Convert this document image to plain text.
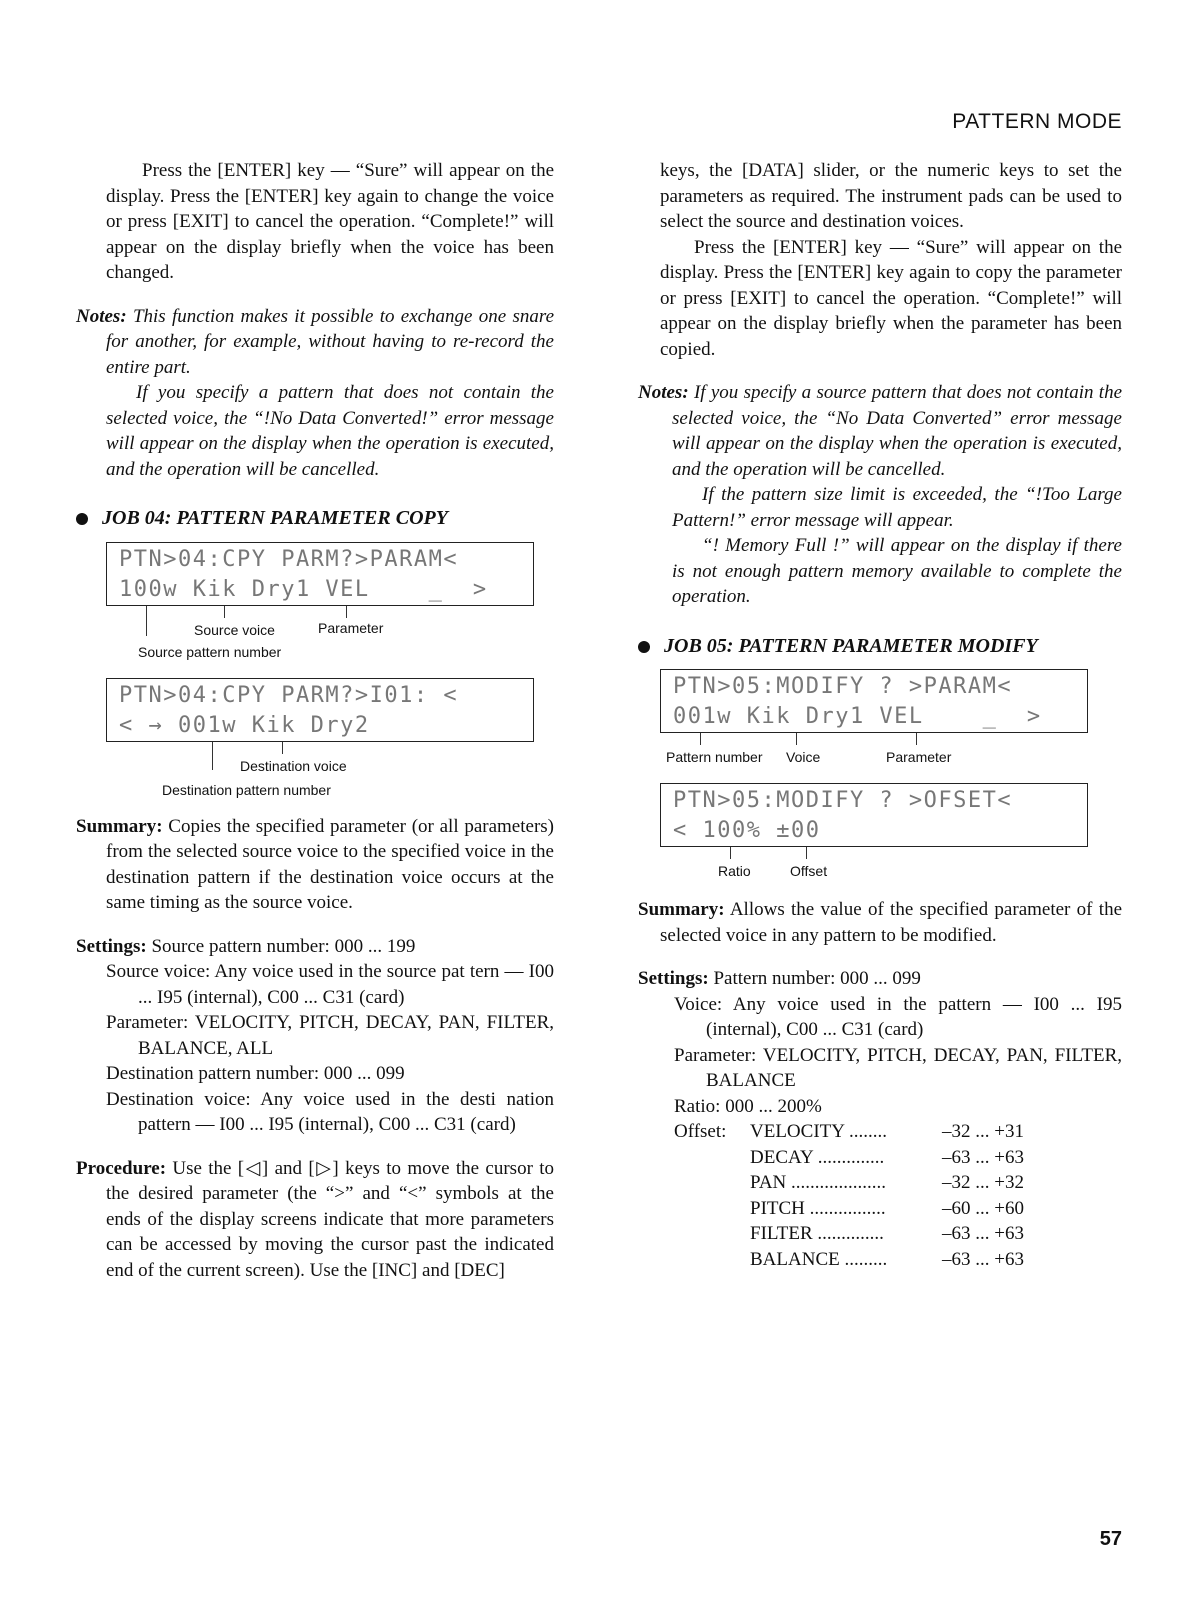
PATTERN MODE

Press the [ENTER] key — “Sure” will appear on the display. Press the [ENTER] key again to change the voice or press [EXIT] to cancel the operation. “Complete!” will appear on the display briefly when the voice has been changed.

Notes: This function makes it possible to exchange one snare for another, for example, without having to re-record the entire part.

If you specify a pattern that does not contain the selected voice, the “!No Data Converted!” error message will appear on the display when the operation is executed, and the operation will be cancelled.

JOB 04: PATTERN PARAMETER COPY
PTN>04:CPY PARM?>PARAM<
100w Kik Dry1 VEL    _  >
Source voice	Parameter
Source pattern number
PTN>04:CPY PARM?>I01: <
< → 001w Kik Dry2
Destination voice
Destination pattern number

Summary: Copies the specified parameter (or all parameters) from the selected source voice to the specified voice in the destination pattern if the destination voice occurs at the same timing as the source voice.

Settings: Source pattern number: 000 ... 199

Source voice: Any voice used in the source pat tern — I00 ... I95 (internal), C00 ... C31 (card)

Parameter: VELOCITY, PITCH, DECAY, PAN, FILTER, BALANCE, ALL

Destination pattern number: 000 ... 099

Destination voice: Any voice used in the desti nation pattern — I00 ... I95 (internal), C00 ... C31 (card)

Procedure: Use the [◁] and [▷] keys to move the cursor to the desired parameter (the “>” and “<” symbols at the ends of the display screens indicate that more parameters can be accessed by moving the cursor past the indicated end of the current screen). Use the [INC] and [DEC]

keys, the [DATA] slider, or the numeric keys to set the parameters as required. The instrument pads can be used to select the source and destination voices.

Press the [ENTER] key — “Sure” will appear on the display. Press the [ENTER] key again to copy the parameter or press [EXIT] to cancel the operation. “Complete!” will appear on the display briefly when the parameter has been copied.

Notes: If you specify a source pattern that does not contain the selected voice, the “No Data Converted” error message will appear on the display when the operation is executed, and the operation will be cancelled.

If the pattern size limit is exceeded, the “!Too Large Pattern!” error message will appear.

“! Memory Full !” will appear on the display if there is not enough pattern memory available to complete the operation.

JOB 05: PATTERN PARAMETER MODIFY
PTN>05:MODIFY ? >PARAM<
001w Kik Dry1 VEL    _  >
Pattern number Voice	Parameter
PTN>05:MODIFY ? >OFSET<
< 100% ±00
Ratio	Offset

Summary: Allows the value of the specified parameter of the selected voice in any pattern to be modified.

Settings: Pattern number: 000 ... 099

Voice: Any voice used in the pattern — I00 ... I95 (internal), C00 ... C31 (card)

Parameter: VELOCITY, PITCH, DECAY, PAN, FILTER, BALANCE

Ratio: 000 ... 200%

Offset:	VELOCITY ........	–32 ... +31
DECAY ..............	–63 ... +63
PAN ....................	–32 ... +32
PITCH ................	–60 ... +60
FILTER ..............	–63 ... +63
BALANCE .........	–63 ... +63
57
